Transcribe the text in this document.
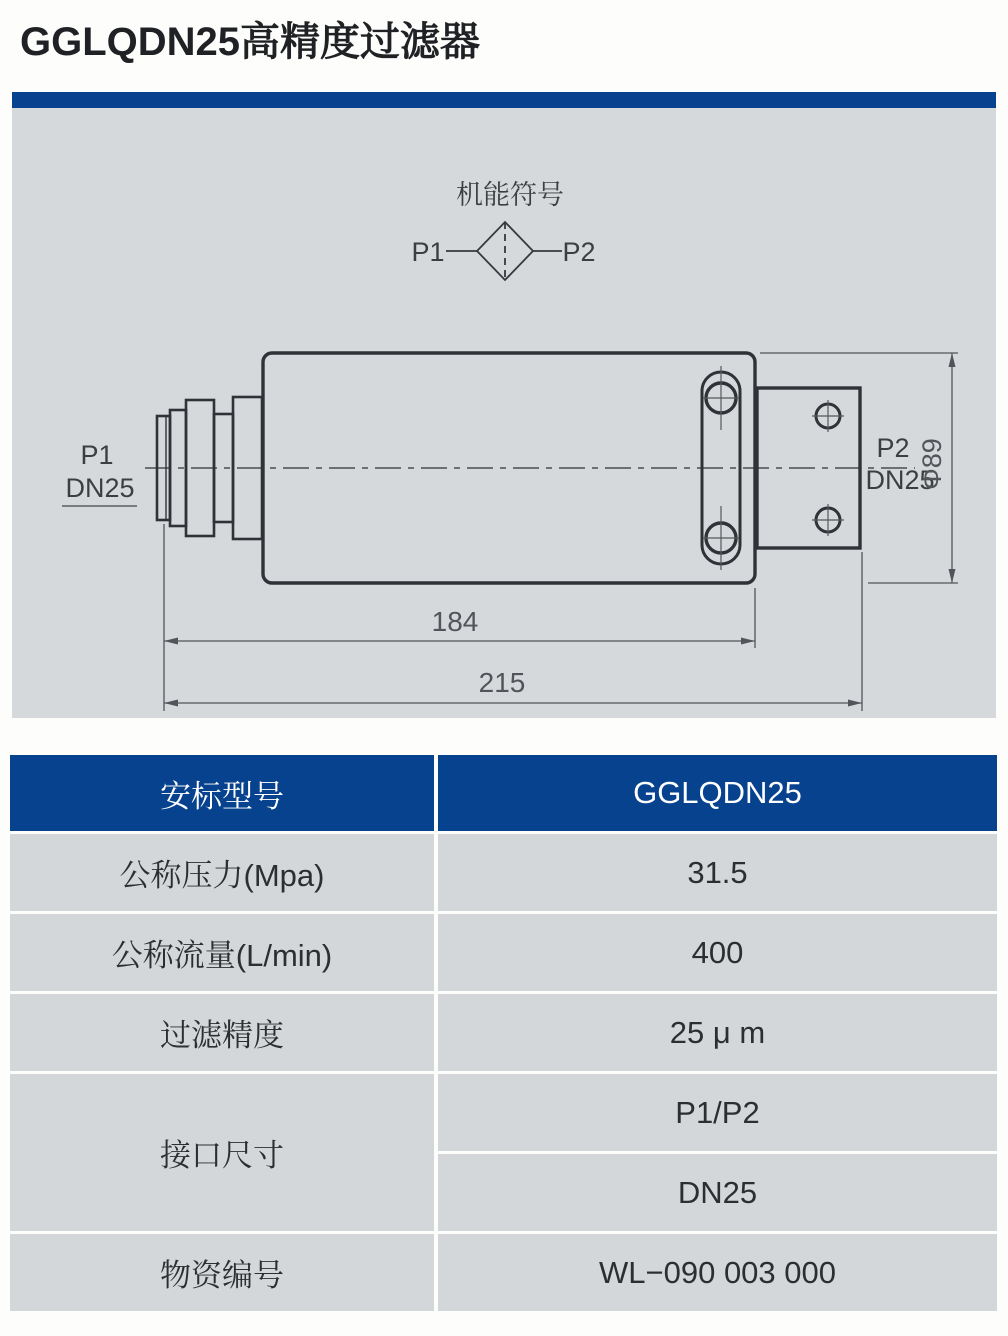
GGLQDN25高精度过滤器
机能符号
P1	P2
P1
DN25
P2
DN25
184
215
Φ89
安标型号	GGLQDN25
公称压力(Mpa)	31.5
公称流量(L/min)	400
过滤精度	25 μ m
接口尺寸
P1/P2
DN25
物资编号	WL−090 003 000
